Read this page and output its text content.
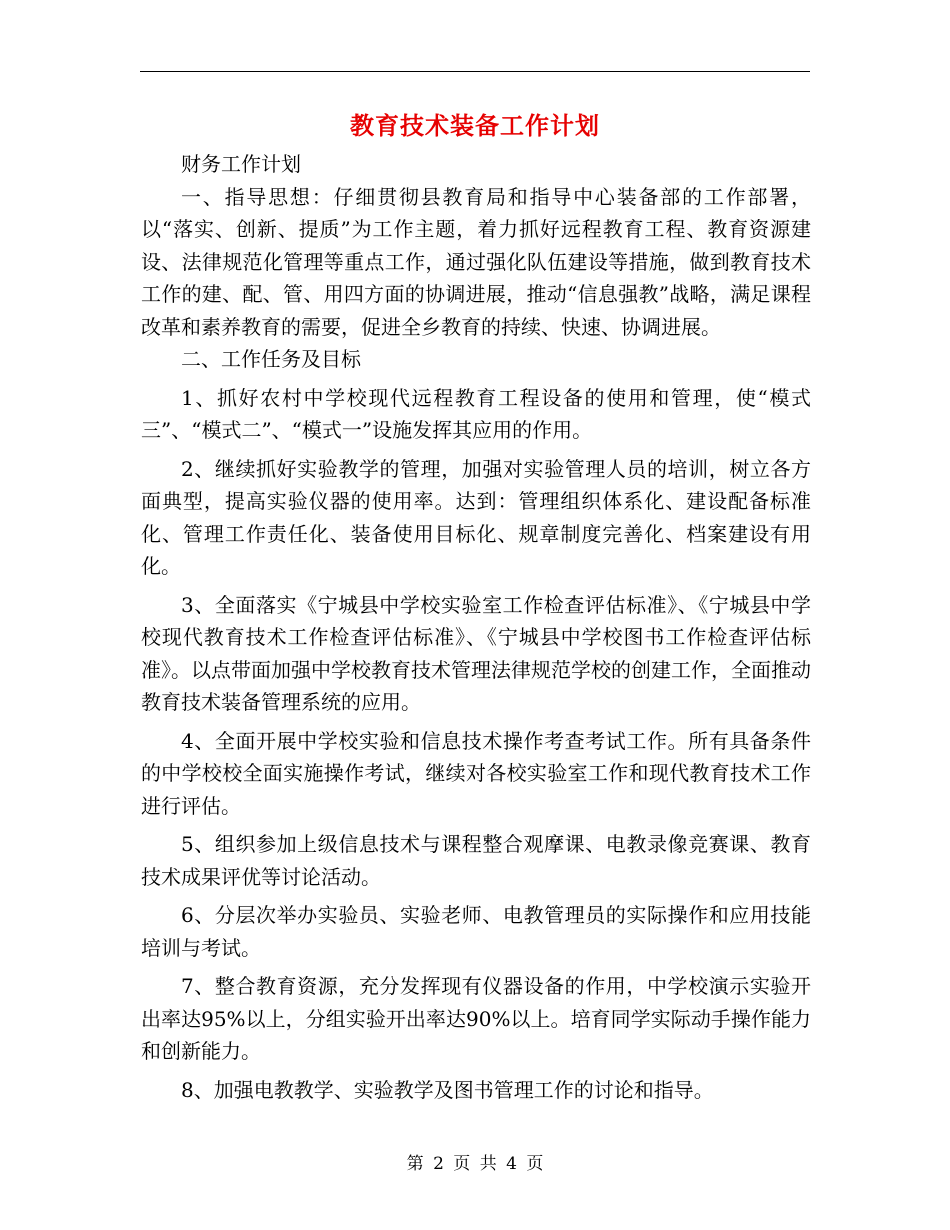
教育技术装备工作计划

财务工作计划

一、指导思想：仔细贯彻县教育局和指导中心装备部的工作部署，以“落实、创新、提质”为工作主题，着力抓好远程教育工程、教育资源建设、法律规范化管理等重点工作，通过强化队伍建设等措施，做到教育技术工作的建、配、管、用四方面的协调进展，推动“信息强教”战略，满足课程改革和素养教育的需要，促进全乡教育的持续、快速、协调进展。

二、工作任务及目标

1、抓好农村中学校现代远程教育工程设备的使用和管理，使“模式三”、“模式二”、“模式一”设施发挥其应用的作用。

2、继续抓好实验教学的管理，加强对实验管理人员的培训，树立各方面典型，提高实验仪器的使用率。达到：管理组织体系化、建设配备标准化、管理工作责任化、装备使用目标化、规章制度完善化、档案建设有用化。

3、全面落实《宁城县中学校实验室工作检查评估标准》、《宁城县中学校现代教育技术工作检查评估标准》、《宁城县中学校图书工作检查评估标准》。以点带面加强中学校教育技术管理法律规范学校的创建工作，全面推动教育技术装备管理系统的应用。

4、全面开展中学校实验和信息技术操作考查考试工作。所有具备条件的中学校校全面实施操作考试，继续对各校实验室工作和现代教育技术工作进行评估。

5、组织参加上级信息技术与课程整合观摩课、电教录像竞赛课、教育技术成果评优等讨论活动。

6、分层次举办实验员、实验老师、电教管理员的实际操作和应用技能培训与考试。

7、整合教育资源，充分发挥现有仪器设备的作用，中学校演示实验开出率达95%以上，分组实验开出率达90%以上。培育同学实际动手操作能力和创新能力。

8、加强电教教学、实验教学及图书管理工作的讨论和指导。

第 2 页 共 4 页
